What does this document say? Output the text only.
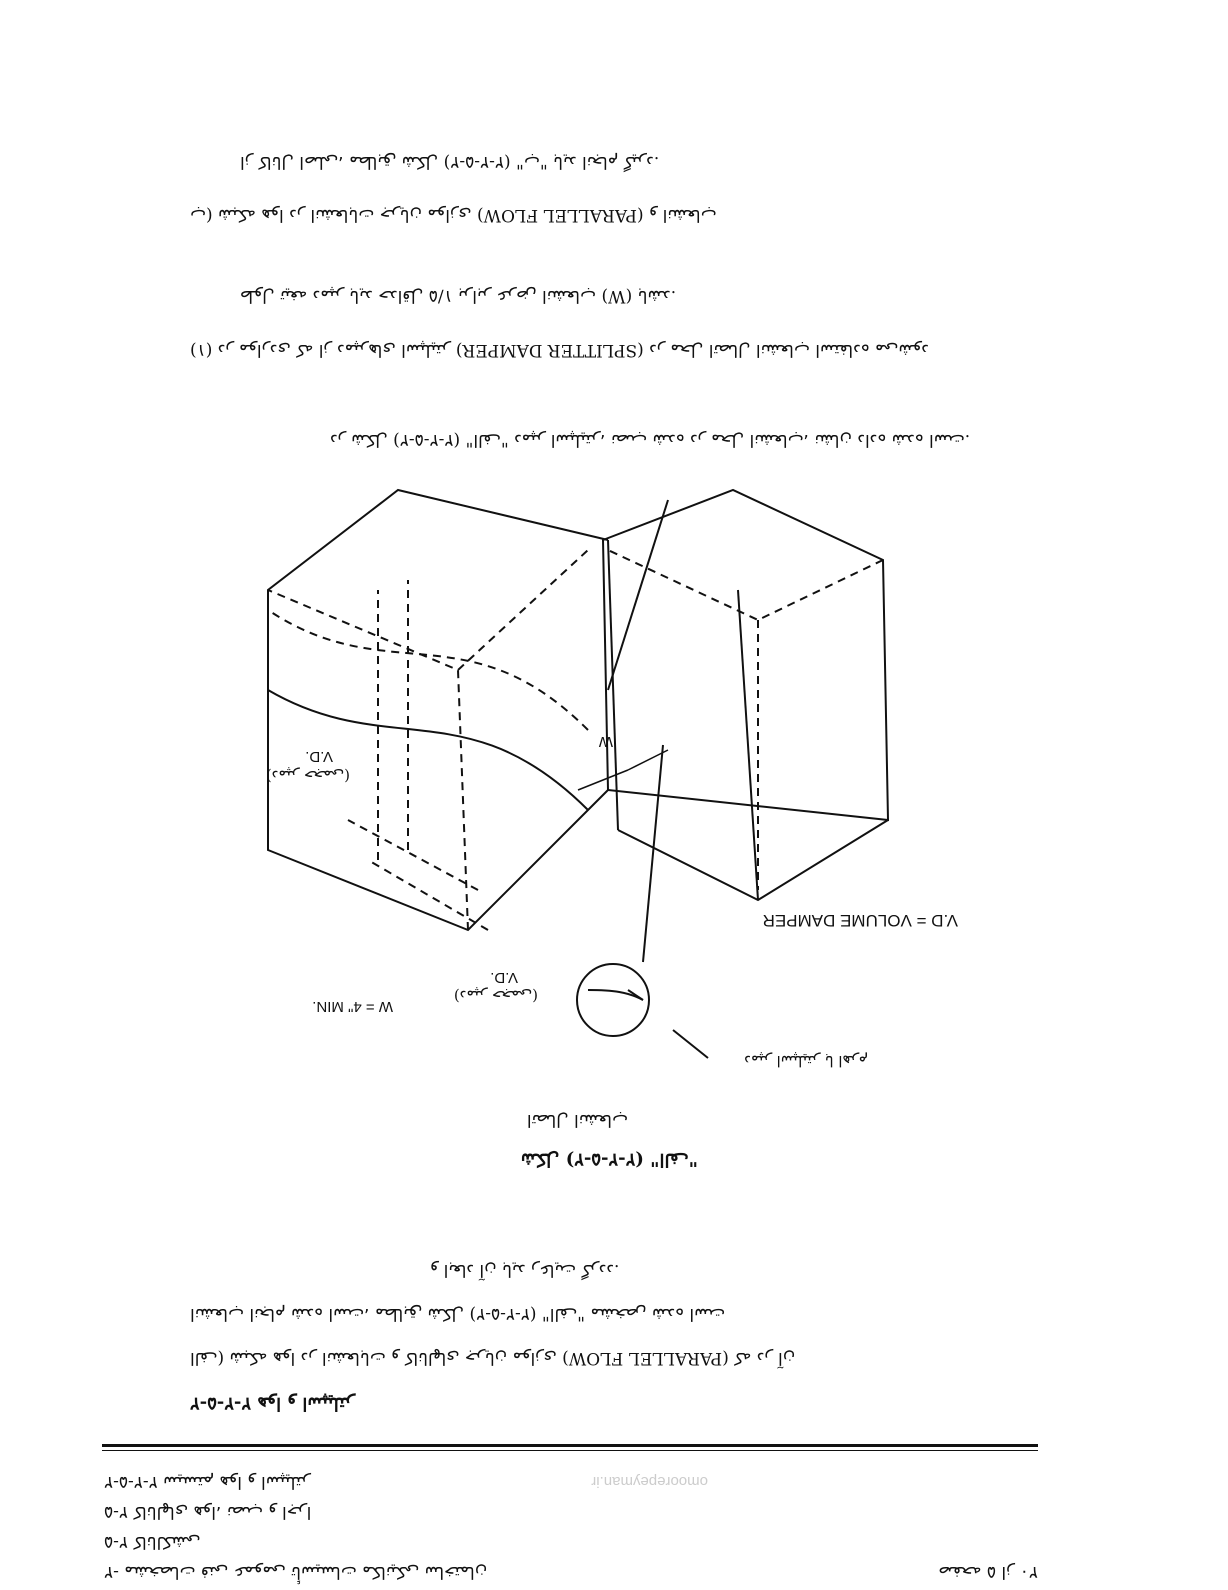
صفحه ۵ از ۲۰
۲- مشخصات فنی عمومی تأسیسات مکانیکی ساختمان
۲-۵ کانالکشی
۲-۵ کانالهای هوا، نصب و اجرا
۲-۲-۵-۲ سیستم هوا و اسپیلتر	omoorepeyman.ir
۲-۲-۵-۲ هوا و اسپیلتر
الف) شبکه هوا در انشعابات و کانالهای جریان موازی (PARALLEL FLOW) که در آن
انشعاب انجام شده است، مطابق شکل (۲-۵-۲-۲) "الف" مشخص شده است
و ابعاد آن باید رعایت گردد.
شکل (۲-۵-۲-۲) "الف"
اتصال انشعاب
V.D = VOLUME DAMPER
W = 4" MIN.
دمپر اسپلیتر با اهرم
V.D.
(دمپر حجمی)
V.D.
(دمپر حجمی)
W
در شکل (۲-۵-۲-۲) "الف" دمپر اسپلیتر، نصب شده در محل انشعاب، نشان داده شده است.
(۱) در مواردی که از دمپرهای اسپلیتر (SPLITTER DAMPER) در محل اتصال انشعاب استفاده می‌شود
طول تیغه دمپر باید حداقل ۱/۵ برابر عرض انشعاب (W) باشد.
ب) شبکه هوا در انشعابات جریان موازی (PARALLEL FLOW) و انشعاب
از کانال اصلی، مطابق شکل (۲-۵-۲-۲) "ب" باید انجام گیرد.
